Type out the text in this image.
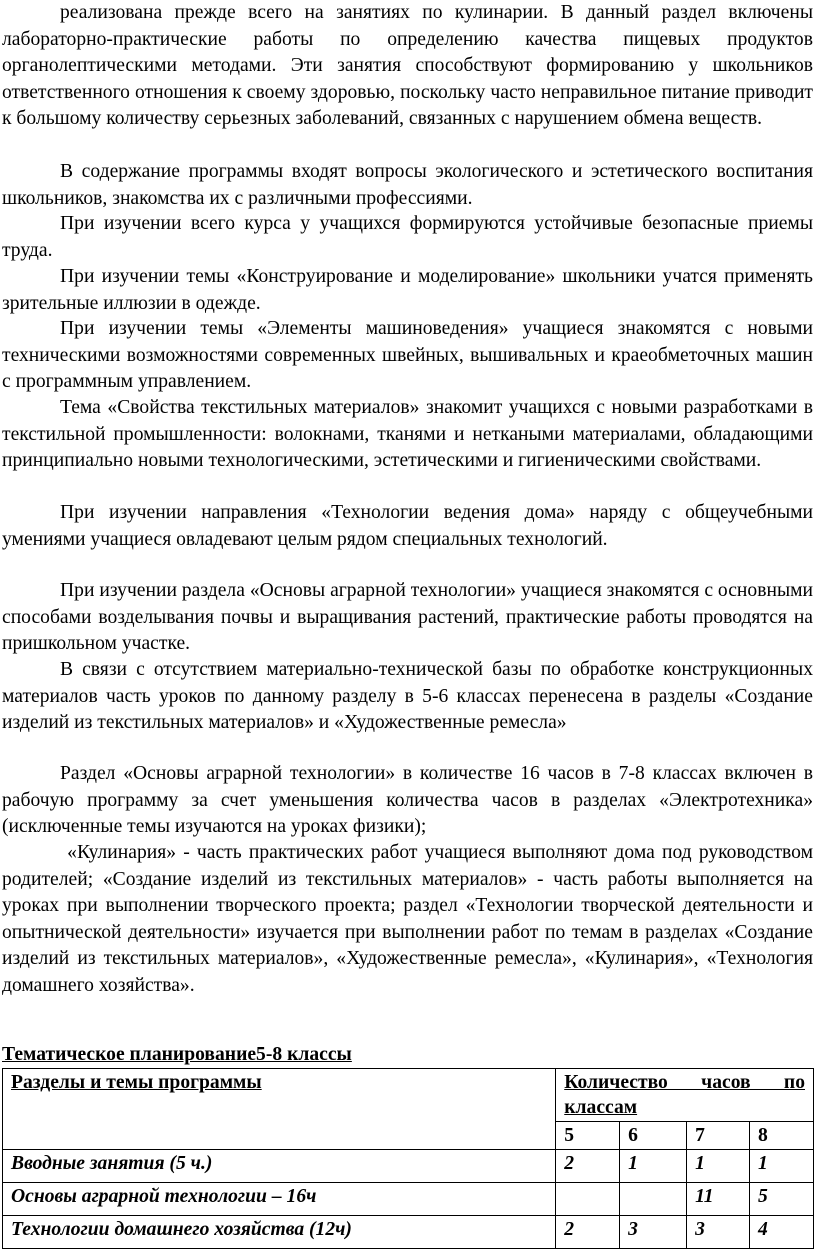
реализована прежде всего на занятиях по кулинарии. В данный раздел включены лабораторно-практические работы по определению качества пищевых продуктов органолептическими методами. Эти занятия способствуют формированию у школьников ответственного отношения к своему здоровью, поскольку часто неправильное питание приводит к большому количеству серьезных заболеваний, связанных с нарушением обмена веществ.

В содержание программы входят вопросы экологического и эстетического воспитания школьников, знакомства их с различными профессиями.

При изучении всего курса у учащихся формируются устойчивые безопасные приемы труда.

При изучении темы «Конструирование и моделирование» школьники учатся применять зрительные иллюзии в одежде.

При изучении темы «Элементы машиноведения» учащиеся знакомятся с новыми техническими возможностями современных швейных, вышивальных и краеобметочных машин с программным управлением.

Тема «Свойства текстильных материалов» знакомит учащихся с новыми разработками в текстильной промышленности: волокнами, тканями и неткаными материалами, обладающими принципиально новыми технологическими, эстетическими и гигиеническими свойствами.

При изучении направления «Технологии ведения дома» наряду с общеучебными умениями учащиеся овладевают целым рядом специальных технологий.

При изучении раздела «Основы аграрной технологии» учащиеся знакомятся с основными способами возделывания почвы и выращивания растений, практические работы проводятся на пришкольном участке.

В связи с отсутствием материально-технической базы по обработке конструкционных материалов часть уроков по данному разделу в 5-6 классах перенесена в разделы «Создание изделий из текстильных материалов» и «Художественные ремесла»

Раздел «Основы аграрной технологии» в количестве 16 часов в 7-8 классах включен в рабочую программу за счет уменьшения количества часов в разделах «Электротехника» (исключенные темы изучаются на уроках физики);

«Кулинария» - часть практических работ учащиеся выполняют дома под руководством родителей; «Создание изделий из текстильных материалов» - часть работы выполняется на уроках при выполнении творческого проекта; раздел «Технологии творческой деятельности и опытнической деятельности» изучается при выполнении работ по темам в разделах «Создание изделий из текстильных материалов», «Художественные ремесла», «Кулинария», «Технология домашнего хозяйства».

Тематическое планирование5-8 классы
Разделы и темы программы	Количество часов по классам			
	5	6	7	8
Вводные занятия (5 ч.)	2	1	1	1
Основы аграрной технологии – 16ч			11	5
Технологии домашнего хозяйства (12ч)	2	3	3	4
